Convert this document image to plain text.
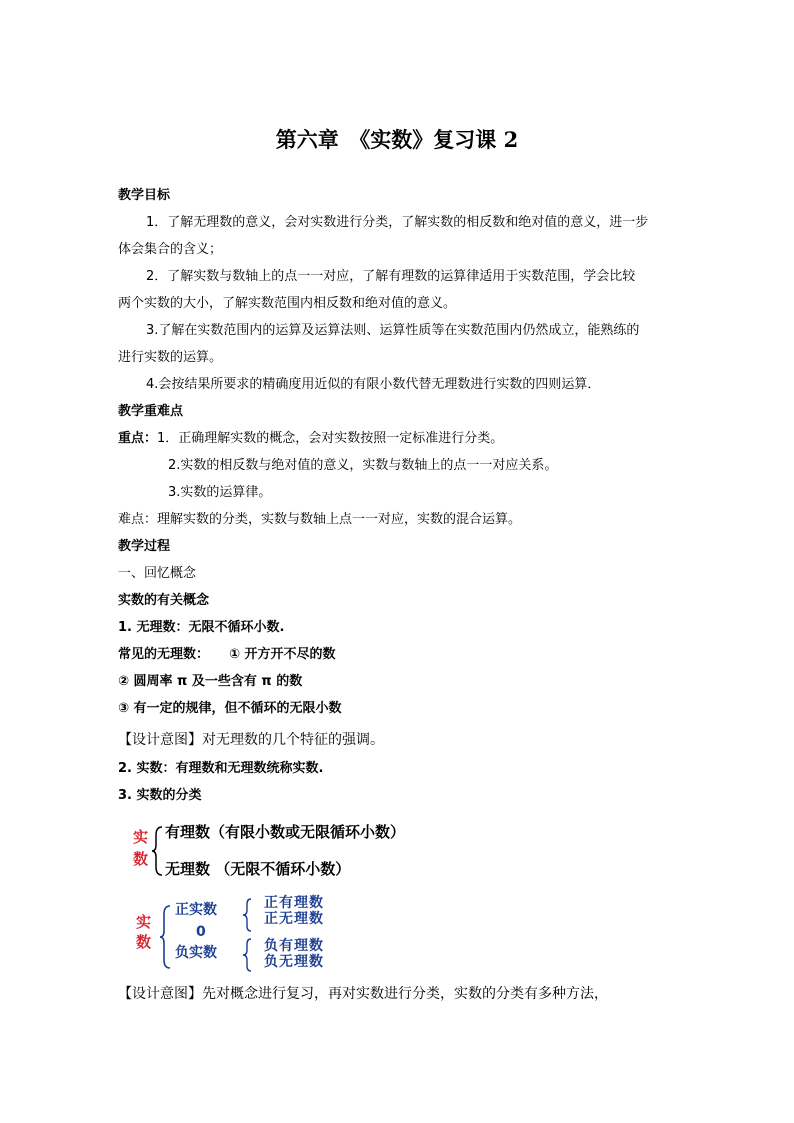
第六章　《实数》复习课 2
教学目标
1．了解无理数的意义，会对实数进行分类，了解实数的相反数和绝对值的意义，进一步
体会集合的含义；
2．了解实数与数轴上的点一一对应，了解有理数的运算律适用于实数范围，学会比较
两个实数的大小，了解实数范围内相反数和绝对值的意义。
3.了解在实数范围内的运算及运算法则、运算性质等在实数范围内仍然成立，能熟练的
进行实数的运算。
4.会按结果所要求的精确度用近似的有限小数代替无理数进行实数的四则运算．
教学重难点
重点：1．正确理解实数的概念，会对实数按照一定标准进行分类。
2.实数的相反数与绝对值的意义，实数与数轴上的点一一对应关系。
3.实数的运算律。
难点：理解实数的分类，实数与数轴上点一一对应，实数的混合运算。
教学过程
一、回忆概念
实数的有关概念
1. 无理数：无限不循环小数.
常见的无理数： ① 开方开不尽的数
② 圆周率 π 及一些含有 π 的数
③ 有一定的规律，但不循环的无限小数
【设计意图】对无理数的几个特征的强调。
2. 实数：有理数和无理数统称实数.
3. 实数的分类
实
数
有理数（有限小数或无限循环小数）
无理数 （无限不循环小数）
实
数
正实数
0
负实数
正有理数
正无理数
负有理数
负无理数
【设计意图】先对概念进行复习，再对实数进行分类，实数的分类有多种方法，
